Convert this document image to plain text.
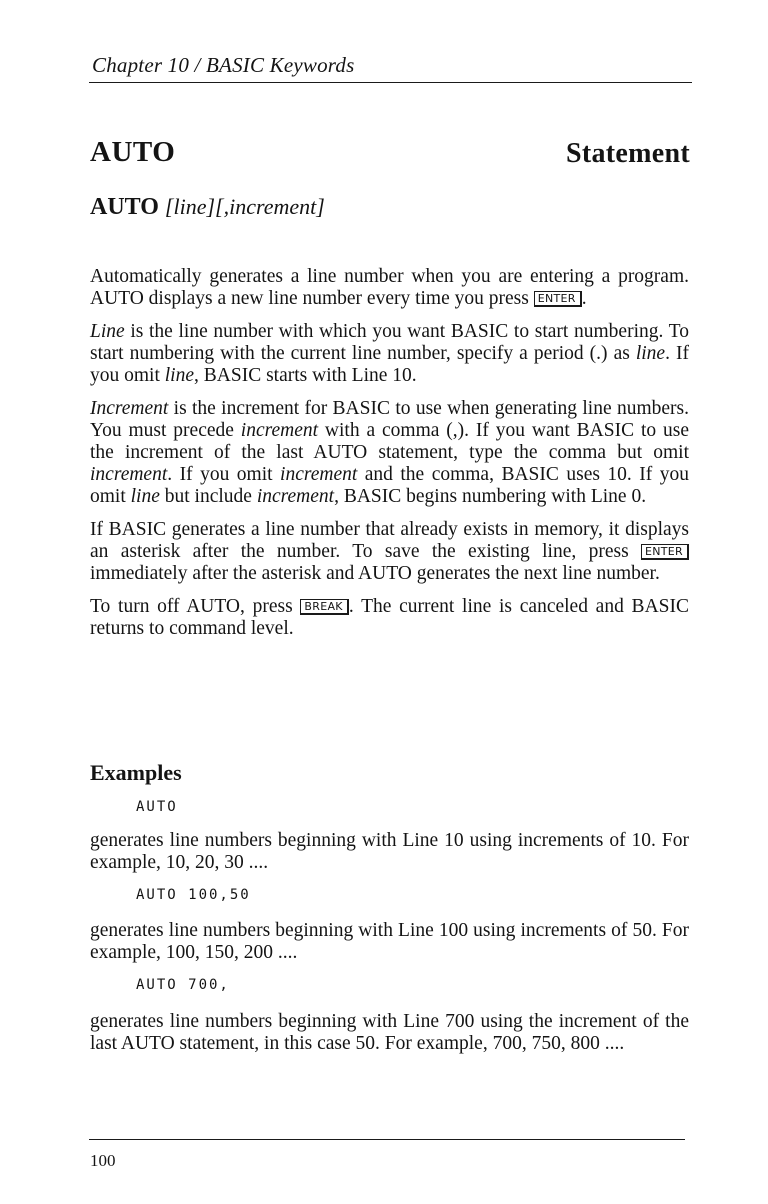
Chapter 10 / BASIC Keywords
AUTO	Statement
AUTO [line][,increment]

Automatically generates a line number when you are entering a program. AUTO displays a new line number every time you press ENTER .

Line is the line number with which you want BASIC to start numbering. To start numbering with the current line number, specify a period (.) as line. If you omit line, BASIC starts with Line 10.

Increment is the increment for BASIC to use when generating line numbers. You must precede increment with a comma (,). If you want BASIC to use the increment of the last AUTO statement, type the comma but omit increment. If you omit increment and the comma, BASIC uses 10. If you omit line but include increment, BASIC begins numbering with Line 0.

If BASIC generates a line number that already exists in memory, it displays an asterisk after the number. To save the existing line, press ENTER immediately after the asterisk and AUTO generates the next line number.

To turn off AUTO, press BREAK . The current line is canceled and BASIC returns to command level.

Examples
AUTO
generates line numbers beginning with Line 10 using increments of 10. For example, 10, 20, 30 ....
AUTO 100,50
generates line numbers beginning with Line 100 using increments of 50. For example, 100, 150, 200 ....
AUTO 700,
generates line numbers beginning with Line 700 using the increment of the last AUTO statement, in this case 50. For example, 700, 750, 800 ....
100
